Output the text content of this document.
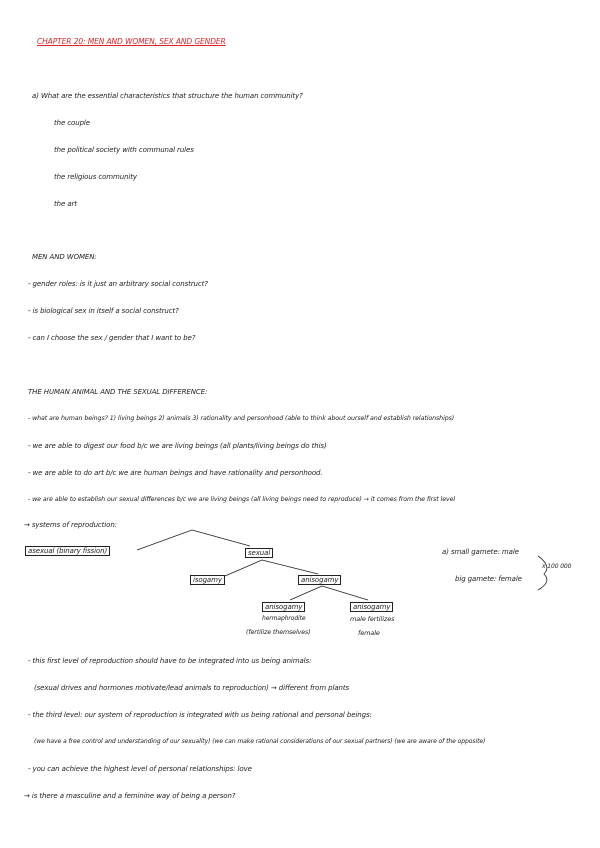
CHAPTER 20: MEN AND WOMEN, SEX AND GENDER
a) What are the essential characteristics that structure the human community?
the couple
the political society with communal rules
the religious community
the art
MEN AND WOMEN:
- gender roles: is it just an arbitrary social construct?
- is biological sex in itself a social construct?
- can I choose the sex / gender that I want to be?
THE HUMAN ANIMAL AND THE SEXUAL DIFFERENCE:
- what are human beings? 1) living beings 2) animals 3) rationality and personhood (able to think about ourself and establish relationships)
- we are able to digest our food b/c we are living beings (all plants/living beings do this)
- we are able to do art b/c we are human beings and have rationality and personhood.
- we are able to establish our sexual differences b/c we are living beings (all living beings need to reproduce) → it comes from the first level
→ systems of reproduction:
asexual (binary fission)	sexual
isogamy	anisogamy
anisogamy
hermaphrodite
(fertilize themselves)
anisogamy
male fertilizes
female
a) small gamete: male
big gamete: female
x 100 000
- this first level of reproduction should have to be integrated into us being animals:
(sexual drives and hormones motivate/lead animals to reproduction) → different from plants
- the third level: our system of reproduction is integrated with us being rational and personal beings:
(we have a free control and understanding of our sexuality) (we can make rational considerations of our sexual partners) (we are aware of the opposite)
- you can achieve the highest level of personal relationships: love
→ is there a masculine and a feminine way of being a person?
